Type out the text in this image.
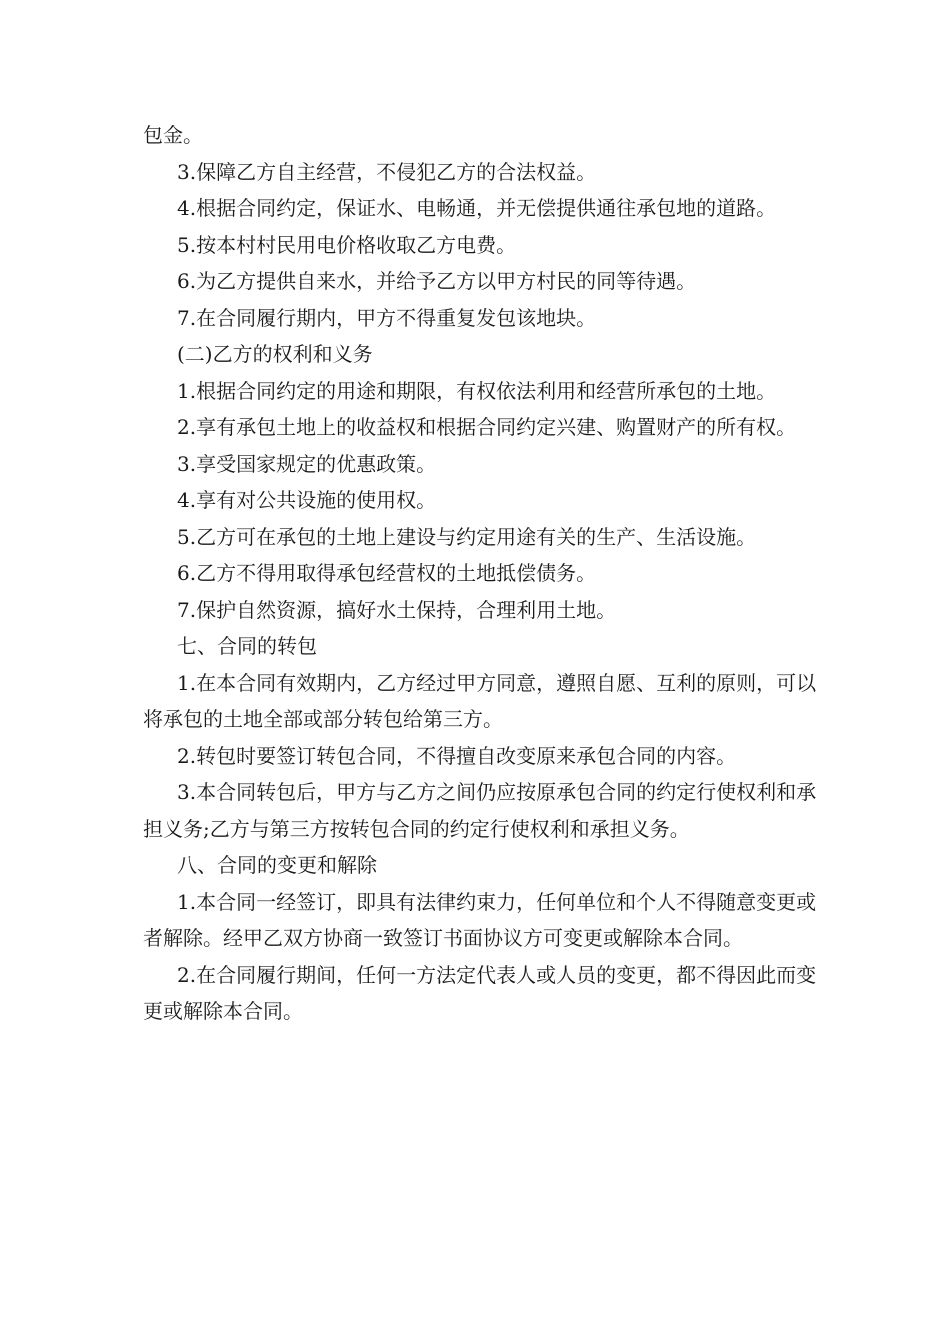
包金。

3.保障乙方自主经营，不侵犯乙方的合法权益。

4.根据合同约定，保证水、电畅通，并无偿提供通往承包地的道路。

5.按本村村民用电价格收取乙方电费。

6.为乙方提供自来水，并给予乙方以甲方村民的同等待遇。

7.在合同履行期内，甲方不得重复发包该地块。

(二)乙方的权利和义务

1.根据合同约定的用途和期限，有权依法利用和经营所承包的土地。

2.享有承包土地上的收益权和根据合同约定兴建、购置财产的所有权。

3.享受国家规定的优惠政策。

4.享有对公共设施的使用权。

5.乙方可在承包的土地上建设与约定用途有关的生产、生活设施。

6.乙方不得用取得承包经营权的土地抵偿债务。

7.保护自然资源，搞好水土保持，合理利用土地。

七、合同的转包

1.在本合同有效期内，乙方经过甲方同意，遵照自愿、互利的原则，可以将承包的土地全部或部分转包给第三方。

2.转包时要签订转包合同，不得擅自改变原来承包合同的内容。

3.本合同转包后，甲方与乙方之间仍应按原承包合同的约定行使权利和承担义务;乙方与第三方按转包合同的约定行使权利和承担义务。

八、合同的变更和解除

1.本合同一经签订，即具有法律约束力，任何单位和个人不得随意变更或者解除。经甲乙双方协商一致签订书面协议方可变更或解除本合同。

2.在合同履行期间，任何一方法定代表人或人员的变更，都不得因此而变更或解除本合同。
